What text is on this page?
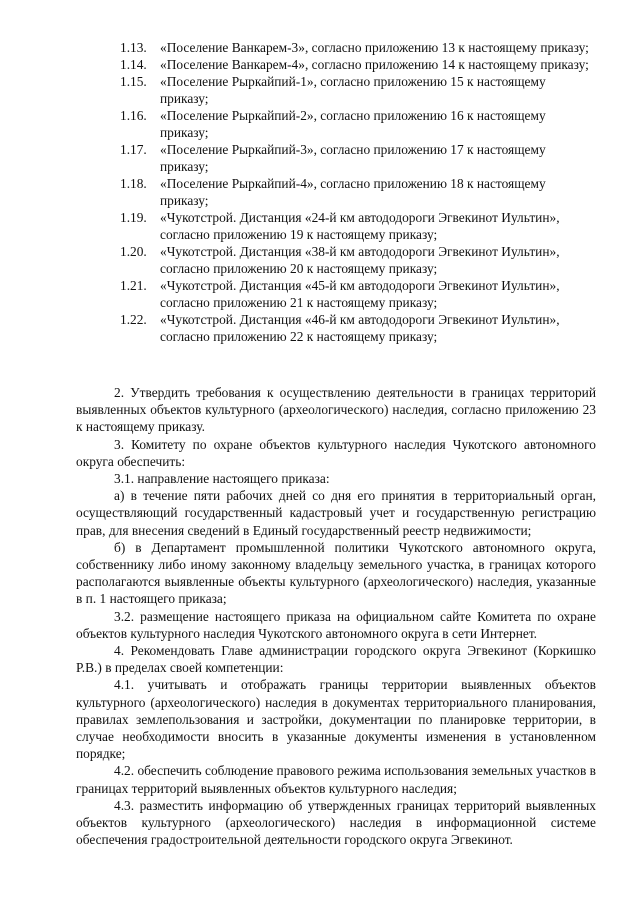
1.13. «Поселение Ванкарем-3», согласно приложению 13 к настоящему приказу;
1.14. «Поселение Ванкарем-4», согласно приложению 14 к настоящему приказу;
1.15. «Поселение Рыркайпий-1», согласно приложению 15 к настоящему приказу;
1.16. «Поселение Рыркайпий-2», согласно приложению 16 к настоящему приказу;
1.17. «Поселение Рыркайпий-3», согласно приложению 17 к настоящему приказу;
1.18. «Поселение Рыркайпий-4», согласно приложению 18 к настоящему приказу;
1.19. «Чукотстрой. Дистанция «24-й км автододороги Эгвекинот Иультин», согласно приложению 19 к настоящему приказу;
1.20. «Чукотстрой. Дистанция «38-й км автододороги Эгвекинот Иультин», согласно приложению 20 к настоящему приказу;
1.21. «Чукотстрой. Дистанция «45-й км автододороги Эгвекинот Иультин», согласно приложению 21 к настоящему приказу;
1.22. «Чукотстрой. Дистанция «46-й км автододороги Эгвекинот Иультин», согласно приложению 22 к настоящему приказу;

2. Утвердить требования к осуществлению деятельности в границах территорий выявленных объектов культурного (археологического) наследия, согласно приложению 23 к настоящему приказу.

3. Комитету по охране объектов культурного наследия Чукотского автономного округа обеспечить:

3.1. направление настоящего приказа:

а) в течение пяти рабочих дней со дня его принятия в территориальный орган, осуществляющий государственный кадастровый учет и государственную регистрацию прав, для внесения сведений в Единый государственный реестр недвижимости;

б) в Департамент промышленной политики Чукотского автономного округа, собственнику либо иному законному владельцу земельного участка, в границах которого располагаются выявленные объекты культурного (археологического) наследия, указанные в п. 1 настоящего приказа;

3.2. размещение настоящего приказа на официальном сайте Комитета по охране объектов культурного наследия Чукотского автономного округа в сети Интернет.

4. Рекомендовать Главе администрации городского округа Эгвекинот (Коркишко Р.В.) в пределах своей компетенции:

4.1. учитывать и отображать границы территории выявленных объектов культурного (археологического) наследия в документах территориального планирования, правилах землепользования и застройки, документации по планировке территории, в случае необходимости вносить в указанные документы изменения в установленном порядке;

4.2. обеспечить соблюдение правового режима использования земельных участков в границах территорий выявленных объектов культурного наследия;

4.3. разместить информацию об утвержденных границах территорий выявленных объектов культурного (археологического) наследия в информационной системе обеспечения градостроительной деятельности городского округа Эгвекинот.
